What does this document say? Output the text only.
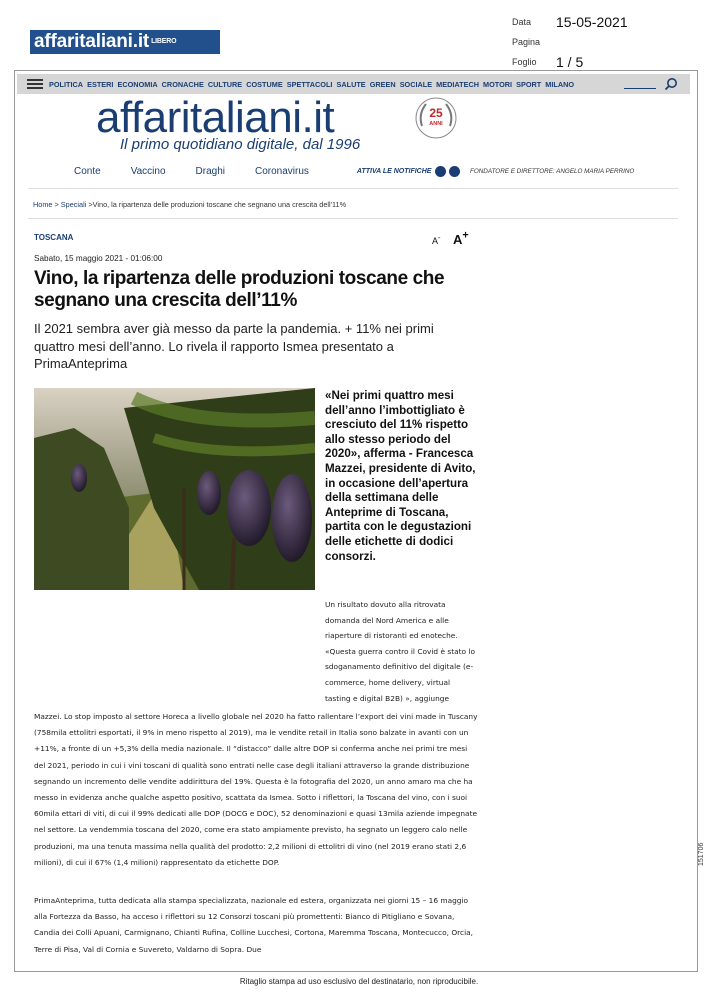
affaritaliani.it LIBERO
Data	15-05-2021
Pagina
Foglio	1 / 5
POLITICA ESTERI ECONOMIA CRONACHE CULTURE COSTUME SPETTACOLI SALUTE GREEN SOCIALE MEDIATECH MOTORI SPORT MILANO
affaritaliani.it	25
ANNI
Il primo quotidiano digitale, dal 1996
Conte	Vaccino	Draghi	Coronavirus	ATTIVA LE NOTIFICHE	FONDATORE E DIRETTORE: ANGELO MARIA PERRINO
Home > Speciali >Vino, la ripartenza delle produzioni toscane che segnano una crescita dell'11%
TOSCANA	A- A+
Sabato, 15 maggio 2021 - 01:06:00
Vino, la ripartenza delle produzioni toscane che segnano una crescita dell’11%

Il 2021 sembra aver già messo da parte la pandemia. + 11% nei primi quattro mesi dell’anno. Lo rivela il rapporto Ismea presentato a PrimaAnteprima

«Nei primi quattro mesi dell’anno l’imbottigliato è cresciuto del 11% rispetto allo stesso periodo del 2020», afferma - Francesca Mazzei, presidente di Avito, in occasione dell’apertura della settimana delle Anteprime di Toscana, partita con le degustazioni delle etichette di dodici consorzi.

Un risultato dovuto alla ritrovata domanda del Nord America e alle riaperture di ristoranti ed enoteche. «Questa guerra contro il Covid è stato lo sdoganamento definitivo del digitale (e-commerce, home delivery, virtual tasting e digital B2B) », aggiunge

Mazzei. Lo stop imposto al settore Horeca a livello globale nel 2020 ha fatto rallentare l’export dei vini made in Tuscany (758mila ettolitri esportati, il 9% in meno rispetto al 2019), ma le vendite retail in Italia sono balzate in avanti con un +11%, a fronte di un +5,3% della media nazionale. Il “distacco” dalle altre DOP si conferma anche nei primi tre mesi del 2021, periodo in cui i vini toscani di qualità sono entrati nelle case degli italiani attraverso la grande distribuzione segnando un incremento delle vendite addirittura del 19%. Questa è la fotografia del 2020, un anno amaro ma che ha messo in evidenza anche qualche aspetto positivo, scattata da Ismea. Sotto i riflettori, la Toscana del vino, con i suoi 60mila ettari di viti, di cui il 99% dedicati alle DOP (DOCG e DOC), 52 denominazioni e quasi 13mila aziende impegnate nel settore. La vendemmia toscana del 2020, come era stato ampiamente previsto, ha segnato un leggero calo nelle produzioni, ma una tenuta massima nella qualità del prodotto: 2,2 milioni di ettolitri di vino (nel 2019 erano stati 2,6 milioni), di cui il 67% (1,4 milioni) rappresentato da etichette DOP.

PrimaAnteprima, tutta dedicata alla stampa specializzata, nazionale ed estera, organizzata nei giorni 15 – 16 maggio alla Fortezza da Basso, ha acceso i riflettori su 12 Consorzi toscani più promettenti: Bianco di Pitigliano e Sovana, Candia dei Colli Apuani, Carmignano, Chianti Rufina, Colline Lucchesi, Cortona, Maremma Toscana, Montecucco, Orcia, Terre di Pisa, Val di Cornia e Suvereto, Valdarno di Sopra. Due

151706
Ritaglio stampa ad uso esclusivo del destinatario, non riproducibile.
